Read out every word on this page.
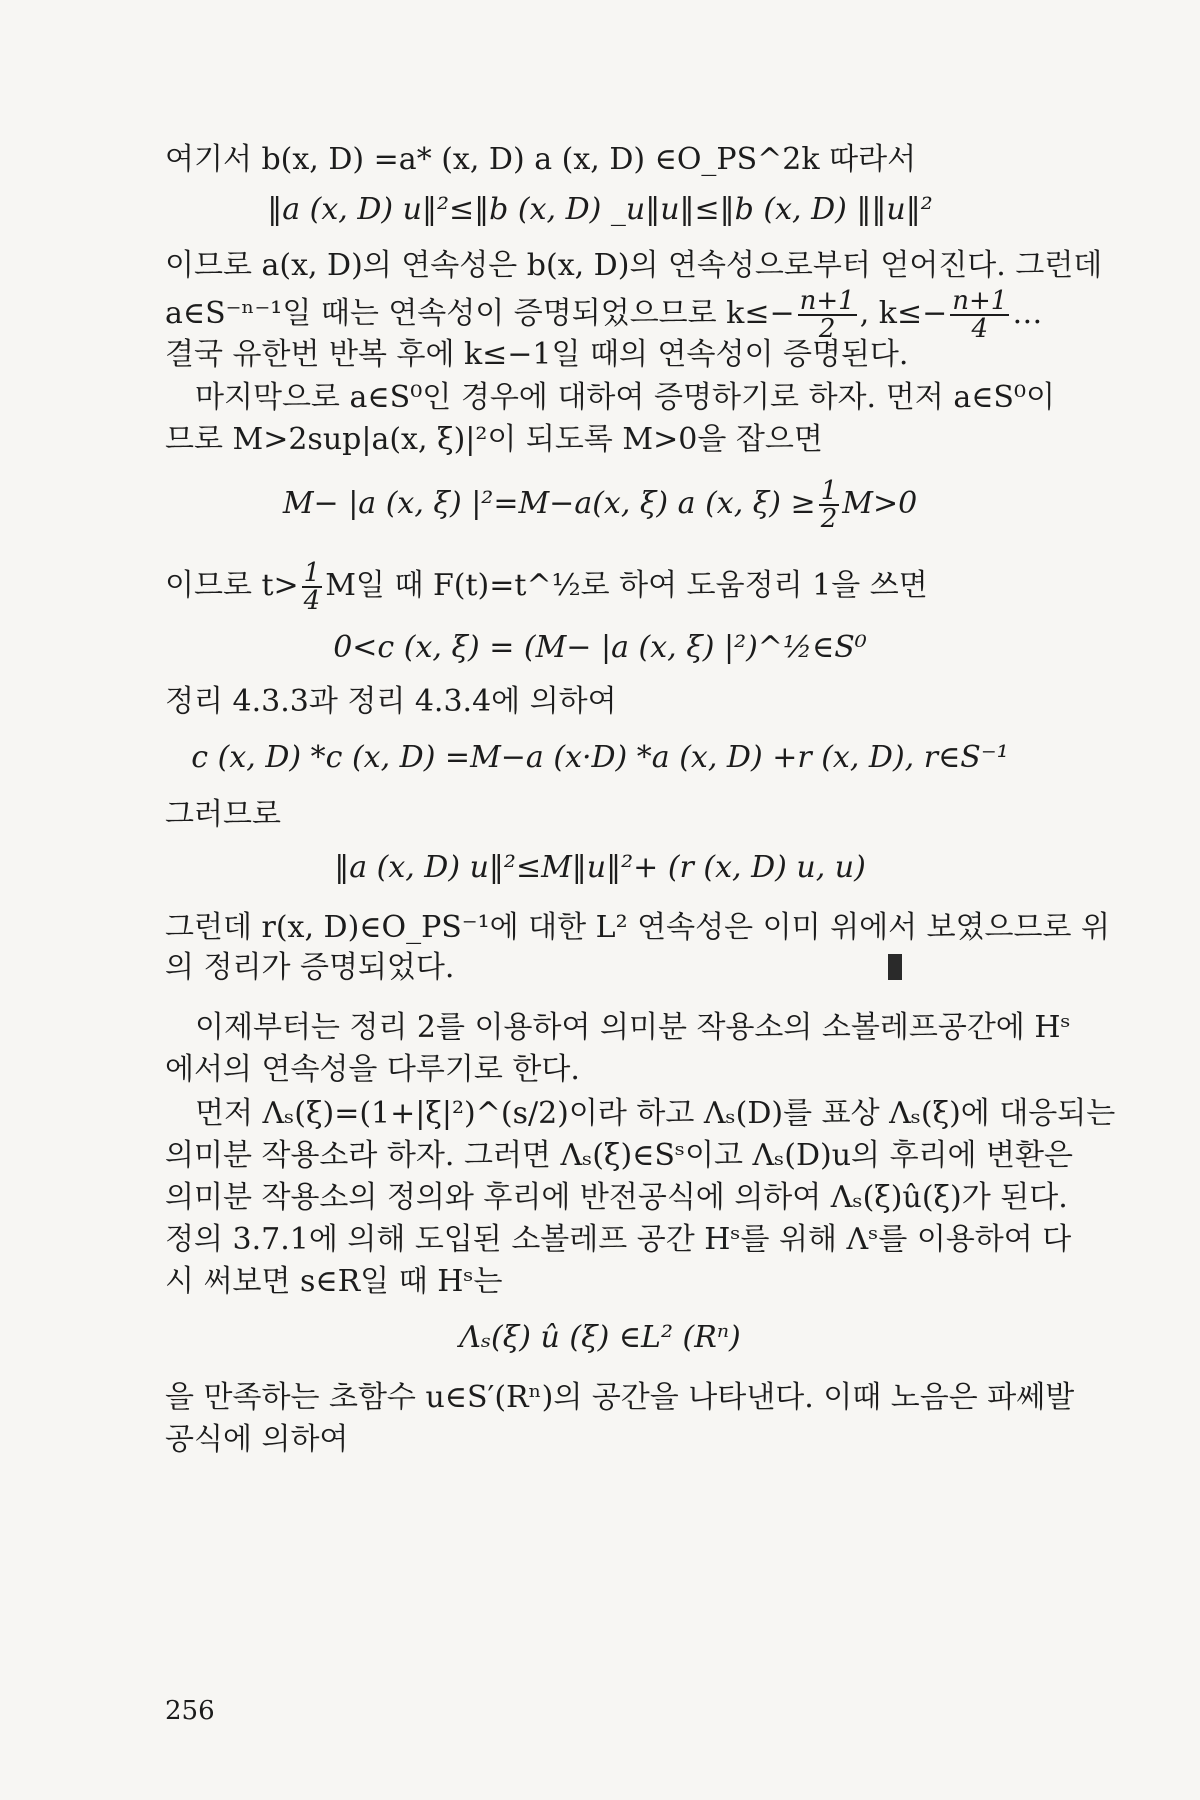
여기서 b(x, D) =a* (x, D) a (x, D) ∈O_PS^2k 따라서
‖a (x, D) u‖²≤‖b (x, D) _u‖u‖≤‖b (x, D) ‖‖u‖²
이므로 a(x, D)의 연속성은 b(x, D)의 연속성으로부터 얻어진다. 그런데
a∈S⁻ⁿ⁻¹일 때는 연속성이 증명되었으므로 $k\le- \frac{n+1}{2}$ , $k\le- \frac{n+1}{4}$ …
결국 유한번 반복 후에 k≤−1일 때의 연속성이 증명된다.
마지막으로 a∈S⁰인 경우에 대하여 증명하기로 하자. 먼저 a∈S⁰이
므로 M>2sup|a(x, ξ)|²이 되도록 M>0을 잡으면
M− |a (x, ξ) |²=M−a(x, ξ) a (x, $\xi) \ge \frac{1}{2} M>0$
이므로 $t> \frac{1}{4}$ M일 때 F(t)=t^½로 하여 도움정리 1을 쓰면
0<c (x, ξ) = (M− |a (x, ξ) |²)^½∈S⁰
정리 4.3.3과 정리 4.3.4에 의하여
c (x, D) *c (x, D) =M−a (x·D) *a (x, D) +r (x, D), r∈S⁻¹
그러므로
‖a (x, D) u‖²≤M‖u‖²+ (r (x, D) u, u)
그런데 r(x, D)∈O_PS⁻¹에 대한 L² 연속성은 이미 위에서 보였으므로 위
의 정리가 증명되었다.
이제부터는 정리 2를 이용하여 의미분 작용소의 소볼레프공간에 Hˢ
에서의 연속성을 다루기로 한다.
먼저 Λₛ(ξ)=(1+|ξ|²)^(s/2)이라 하고 Λₛ(D)를 표상 Λₛ(ξ)에 대응되는
의미분 작용소라 하자. 그러면 Λₛ(ξ)∈Sˢ이고 Λₛ(D)u의 후리에 변환은
의미분 작용소의 정의와 후리에 반전공식에 의하여 Λₛ(ξ)û(ξ)가 된다.
정의 3.7.1에 의해 도입된 소볼레프 공간 Hˢ를 위해 Λˢ를 이용하여 다
시 써보면 s∈R일 때 Hˢ는
Λₛ(ξ) û (ξ) ∈L² (Rⁿ)
을 만족하는 초함수 u∈S′(Rⁿ)의 공간을 나타낸다. 이때 노음은 파쎄발
공식에 의하여
256
